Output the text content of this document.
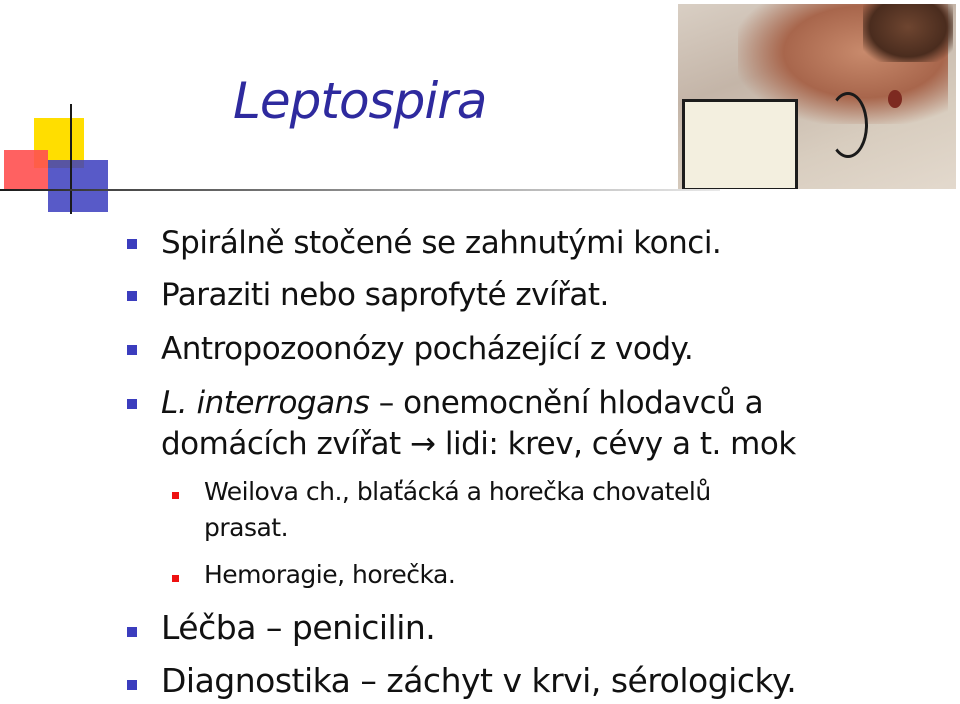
Leptospira

Spirálně stočené se zahnutými konci.

Paraziti nebo saprofyté zvířat.

Antropozoonózy pocházející z vody.

L. interrogans – onemocnění hlodavců a

domácích zvířat → lidi: krev, cévy a t. mok

Weilova ch., blaťácká a horečka chovatelů

prasat.

Hemoragie, horečka.

Léčba – penicilin.

Diagnostika – záchyt v krvi, sérologicky.
